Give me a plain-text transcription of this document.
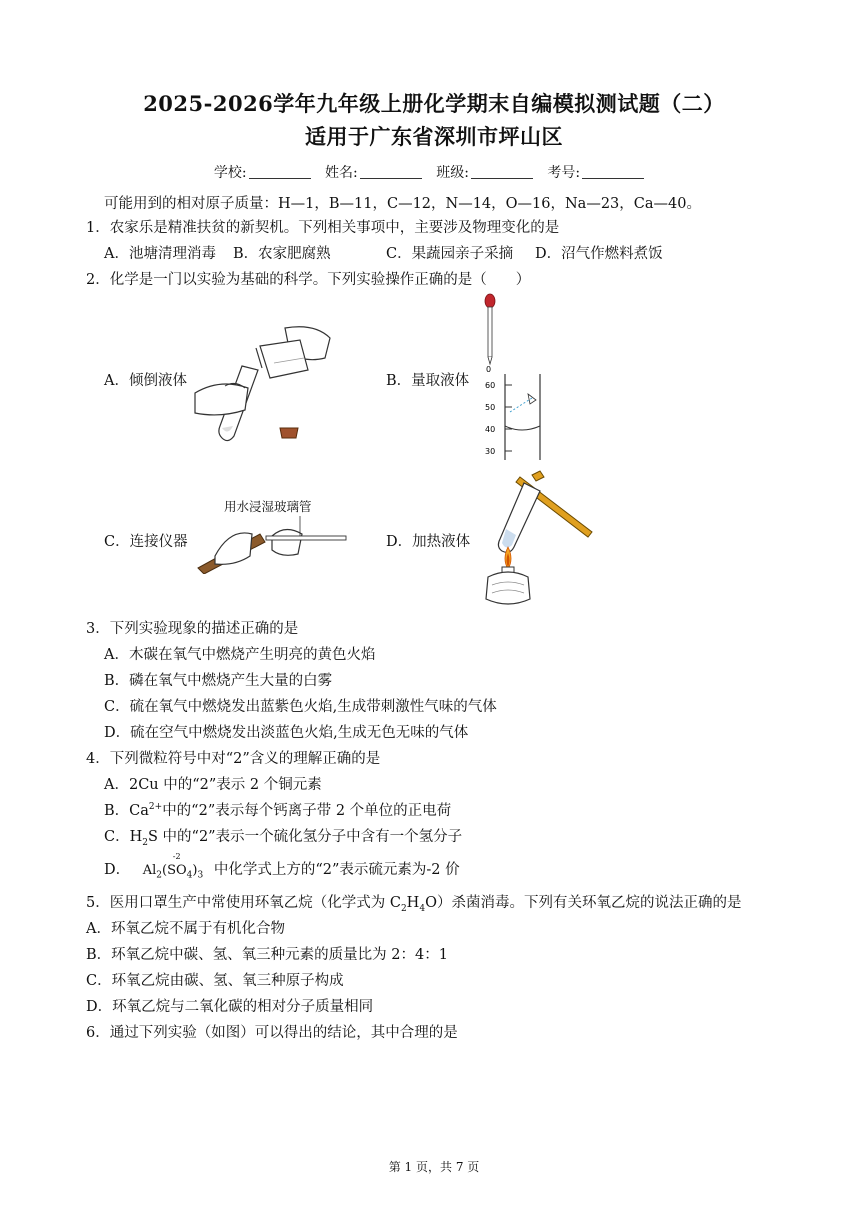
2025-2026学年九年级上册化学期末自编模拟测试题（二）
适用于广东省深圳市坪山区
学校:	姓名:	班级:	考号:
可能用到的相对原子质量：H—1，B—11，C—12，N—14，O—16，Na—23，Ca—40。
1．农家乐是精准扶贫的新契机。下列相关事项中，主要涉及物理变化的是
A．池塘清理消毒 B．农家肥腐熟	C．果蔬园亲子采摘 D．沼气作燃料煮饭
2．化学是一门以实验为基础的科学。下列实验操作正确的是（　　）
A．倾倒液体	B．量取液体
0
60
50
40
30
C．连接仪器
用水浸湿玻璃管
D．加热液体
3．下列实验现象的描述正确的是
A．木碳在氧气中燃烧产生明亮的黄色火焰
B．磷在氧气中燃烧产生大量的白雾
C．硫在氧气中燃烧发出蓝紫色火焰,生成带刺激性气味的气体
D．硫在空气中燃烧发出淡蓝色火焰,生成无色无味的气体
4．下列微粒符号中对“2”含义的理解正确的是
A．2Cu 中的“2”表示 2 个铜元素
B．$Ca^{2+}$中的“2”表示每个钙离子带 2 个单位的正电荷
C．$H_2S$ 中的“2”表示一个硫化氢分子中含有一个氢分子
D． $Al_2(SO_4)_3$
-2
中化学式上方的“2”表示硫元素为-2 价
5．医用口罩生产中常使用环氧乙烷（化学式为 $C_2H_4O$）杀菌消毒。下列有关环氧乙烷的说法正确的是
A．环氧乙烷不属于有机化合物
B．环氧乙烷中碳、氢、氧三种元素的质量比为 2：4：1
C．环氧乙烷由碳、氢、氧三种原子构成
D．环氧乙烷与二氧化碳的相对分子质量相同
6．通过下列实验（如图）可以得出的结论，其中合理的是
第 1 页，共 7 页
